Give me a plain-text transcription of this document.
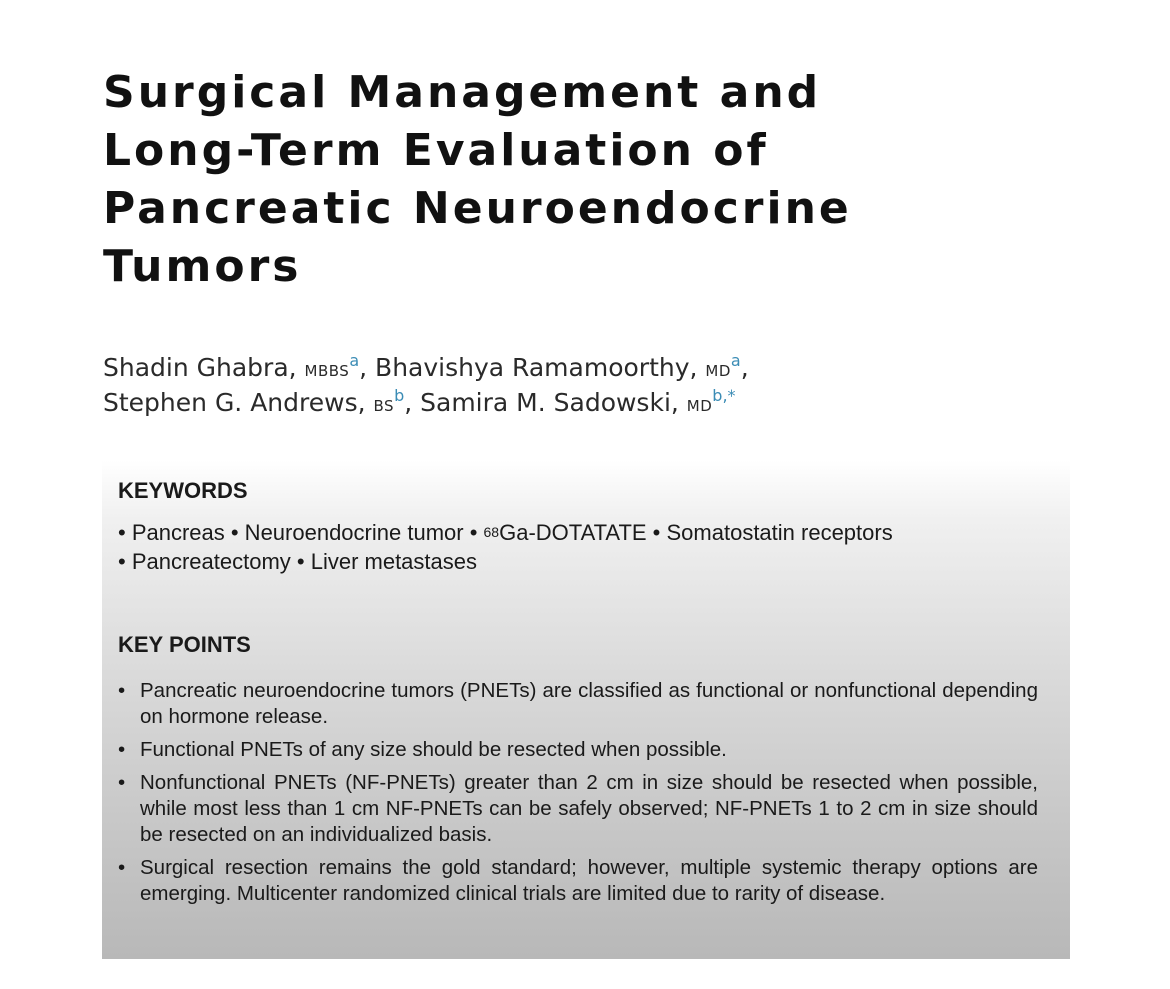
Surgical Management and
Long-Term Evaluation of
Pancreatic Neuroendocrine
Tumors
Shadin Ghabra, MBBS$^a$, Bhavishya Ramamoorthy, MD$^a$,
Stephen G. Andrews, BS$^b$, Samira M. Sadowski, MD$^{b,*}$
KEYWORDS
• Pancreas • Neuroendocrine tumor • $^{68}$Ga-DOTATATE • Somatostatin receptors
• Pancreatectomy • Liver metastases
KEY POINTS
• Pancreatic neuroendocrine tumors (PNETs) are classified as functional or nonfunctional depending on hormone release.
• Functional PNETs of any size should be resected when possible.
• Nonfunctional PNETs (NF-PNETs) greater than 2 cm in size should be resected when possible, while most less than 1 cm NF-PNETs can be safely observed; NF-PNETs 1 to 2 cm in size should be resected on an individualized basis.
• Surgical resection remains the gold standard; however, multiple systemic therapy options are emerging. Multicenter randomized clinical trials are limited due to rarity of disease.
